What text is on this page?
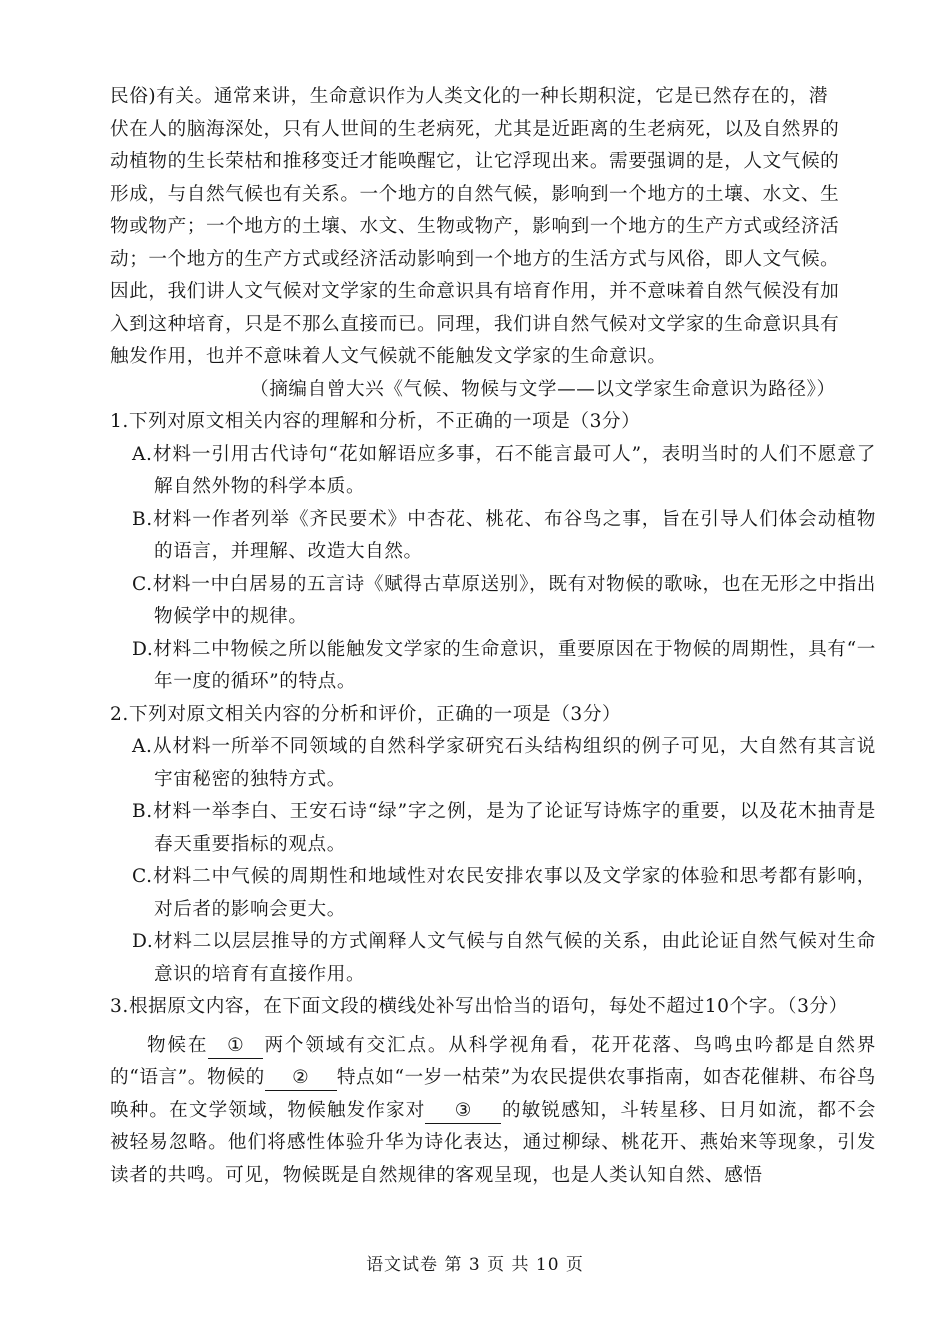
民俗)有关。通常来讲，生命意识作为人类文化的一种长期积淀，它是已然存在的，潜

伏在人的脑海深处，只有人世间的生老病死，尤其是近距离的生老病死，以及自然界的

动植物的生长荣枯和推移变迁才能唤醒它，让它浮现出来。需要强调的是，人文气候的

形成，与自然气候也有关系。一个地方的自然气候，影响到一个地方的土壤、水文、生

物或物产；一个地方的土壤、水文、生物或物产，影响到一个地方的生产方式或经济活

动；一个地方的生产方式或经济活动影响到一个地方的生活方式与风俗，即人文气候。

因此，我们讲人文气候对文学家的生命意识具有培育作用，并不意味着自然气候没有加

入到这种培育，只是不那么直接而已。同理，我们讲自然气候对文学家的生命意识具有

触发作用，也并不意味着人文气候就不能触发文学家的生命意识。

（摘编自曾大兴《气候、物候与文学——以文学家生命意识为路径》）

1.下列对原文相关内容的理解和分析，不正确的一项是（3分）

A.材料一引用古代诗句“花如解语应多事，石不能言最可人”，表明当时的人们不愿意了解自然外物的科学本质。

B.材料一作者列举《齐民要术》中杏花、桃花、布谷鸟之事，旨在引导人们体会动植物的语言，并理解、改造大自然。

C.材料一中白居易的五言诗《赋得古草原送别》，既有对物候的歌咏，也在无形之中指出物候学中的规律。

D.材料二中物候之所以能触发文学家的生命意识，重要原因在于物候的周期性，具有“一年一度的循环”的特点。

2.下列对原文相关内容的分析和评价，正确的一项是（3分）

A.从材料一所举不同领域的自然科学家研究石头结构组织的例子可见，大自然有其言说宇宙秘密的独特方式。

B.材料一举李白、王安石诗“绿”字之例，是为了论证写诗炼字的重要，以及花木抽青是春天重要指标的观点。

C.材料二中气候的周期性和地域性对农民安排农事以及文学家的体验和思考都有影响，对后者的影响会更大。

D.材料二以层层推导的方式阐释人文气候与自然气候的关系，由此论证自然气候对生命意识的培育有直接作用。

3.根据原文内容，在下面文段的横线处补写出恰当的语句，每处不超过10个字。（3分）

物候在 ① 两个领域有交汇点。从科学视角看，花开花落、鸟鸣虫吟都是自然界的“语言”。物候的 ② 特点如“一岁一枯荣”为农民提供农事指南，如杏花催耕、布谷鸟唤种。在文学领域，物候触发作家对 ③ 的敏锐感知，斗转星移、日月如流，都不会被轻易忽略。他们将感性体验升华为诗化表达，通过柳绿、桃花开、燕始来等现象，引发读者的共鸣。可见，物候既是自然规律的客观呈现，也是人类认知自然、感悟

语文试卷 第 3 页 共 10 页
